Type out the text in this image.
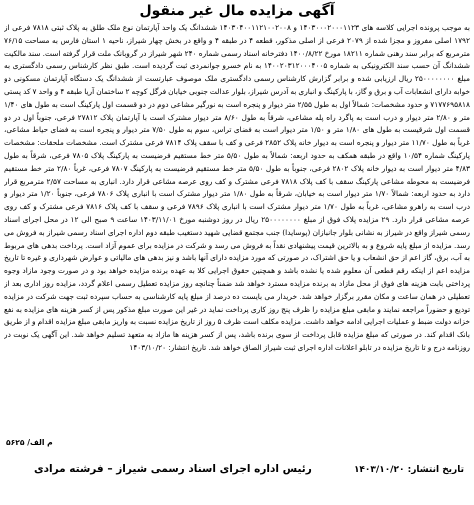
آگهی مزایده مال غیر منقول

به موجب پرونده اجرایی کلاسه های ۱۴۰۳۰۰۰۲۰۰۰۱۱۲۳ و ۱۴۰۳۰۴۰۰۱۱۲۱۰۰۲۰۰۸ ششدانگ یک واحد آپارتمان نوع ملک طلق به پلاک ثبتی ۷۸۱۸ فرعی از ۱۷۹۲ اصلی مفروز و مجزا شده از ۲۰۷۹ فرعی از اصلی مذکور، قطعه ۴ در طبقه ۴ و واقع در بخش چهار شیراز، ناحیه ۱ استان فارس به مساحت ۷۶/۱۵ مترمربع که برابر سند رهنی شماره ۱۸۲۱۱ مورخ ۱۴۰۰/۸/۲۲ دفترخانه اسناد رسمی شماره ۲۴۰ شهر شیراز در گروبانک ملت قرار گرفته است. سند مالکیت ششدانگ آن حسب سند الکترونیکی به شماره ۱۴۰۰۲۰۳۱۲۰۰۰۴۰۰۵ به نام خسرو جوانمردی ثبت گردیده است. طبق نظر کارشناس رسمی دادگستری به مبلغ ۲۵۰۰۰۰۰۰۰۰ ریال ارزیابی شده و برابر گزارش کارشناس رسمی دادگستری ملک موصوف عبارتست از ششدانگ یک دستگاه آپارتمان مسکونی دو خوابه دارای انشعابات آب و برق و گاز، با پارکینگ و انباری به آدرس شیراز، بلوار عدالت جنوبی خیابان فرگل کوچه ۲ ساختمان آریا طبقه ۴ و واحد ۷ کد پستی ۷۱۷۷۶۹۵۸۱۸ و حدود مشخصات: شمالاً اول به طول ۲/۵۵ متر دیوار و پنجره است به نورگیر مشاعی دوم در دو قسمت اول پارکینگ است به طول های ۱/۴۰ متر و ۲/۸۰ متر دیوار و درب است به پاگرد راه پله مشاعی، شرقاً به طول ۸/۶۰ متر دیوار مشترک است با آپارتمان پلاک ۲۷۸۱۲ فرعی، جنوباً اول در دو قسمت اول شرقیست به طول های ۱/۸۰ متر و ۱/۵۰ متر دیوار است به فضای تراس، سوم به طول ۷/۵۰ متر دیوار و پنجره است به فضای حیاط مشاعی، غرباً به طول ۱۱/۷۰ متر دیوار و پنجره است به دیوار خانه پلاک ۲۸۵۲ فرعی و کف با سقف پلاک ۷۸۱۴ فرعی مشترک است. مشخصات ملحقات: مشخصات پارکینگ شماره ۱۰/۵۴ واقع در طبقه همکف به حدود اربعه: شمالاً به طول ۵/۵۰ متر خط مستقیم فرضیست به پارکینگ پلاک ۷۸۰۵ فرعی، شرقاً به طول ۴/۸۳ متر دیوار است به دیوار خانه پلاک ۲۸۰۲ فرعی، جنوباً به طول ۵/۵۰ متر خط مستقیم فرضیست به پارکینگ ۷۸۰۷ فرعی، غرباً ۲/۸۰ متر خط مستقیم فرضیست به محوطه مشاعی پارکینگ سقف با کف پلاک ۷۸۱۸ فرعی مشترک و کف روی عرصه مشاعی قرار دارد. انباری به مساحت ۲/۵۷ مترمربع قرار دارد به حدود اربعه: شمالاً ۱/۷۰ متر دیوار است به خیابان، شرقاً به طول ۱/۸۰ متر دیوار مشترک است با انباری پلاک ۷۸۰۶ فرعی، جنوباً ۱/۲۰ متر دیوار و درب است به راهرو مشاعی، غرباً به طول ۱/۷۰ متر دیوار مشترک است با انباری پلاک ۷۸۹۶ فرعی و سقف با کف پلاک ۷۸۱۶ فرعی مشترک و کف روی عرصه مشاعی قرار دارد. ۲۹ مزایده پلاک فوق از مبلغ ۲۵۰۰۰۰۰۰۰۰ ریال در روز دوشنبه مورخ ۱۴۰۳/۱۱/۰۱ ساعت ۹ صبح الی ۱۲ در محل اجرای اسناد رسمی شیراز واقع در شیراز به نشانی بلوار جانبازان (پوسایدا) جنب مجتمع قضایی شهید دستغیب طبقه دوم اداره اجرای اسناد رسمی شیراز به فروش می رسد. مزایده از مبلغ پایه شروع و به بالاترین قیمت پیشنهادی نقداً به فروش می رسد و شرکت در مزایده برای عموم آزاد است. پرداخت بدهی های مربوط به آب، برق، گاز اعم از حق انشعاب و یا حق اشتراک، در صورتی که مورد مزایده دارای آنها باشد و نیز بدهی های مالیاتی و عوارض شهرداری و غیره تا تاریخ مزایده اعم از اینکه رقم قطعی آن معلوم شده یا نشده باشد و همچنین حقوق اجرایی کلا به عهده برنده مزایده خواهد بود و در صورت وجود مازاد وجوه پرداختی بابت هزینه های فوق از محل مازاد به برنده مزایده مسترد خواهد شد ضمناً چنانچه روز مزایده تعطیل رسمی اعلام گردد، مزایده روز اداری بعد از تعطیلی در همان ساعت و مکان مقرر برگزار خواهد شد. خریدار می بایست ده درصد از مبلغ پایه کارشناسی به حساب سپرده ثبت جهت شرکت در مزایده تودیع و حضوراً مراجعه نمایند و مابقی مبلغ مزایده را ظرف پنج روز کاری پرداخت نماید در غیر این صورت مبلغ مذکور پس از کسر هزینه های مزایده به نفع خزانه دولت ضبط و عملیات اجرایی ادامه خواهد داشت. مزایده مکلف است ظرف ۵ روز از تاریخ مزایده نسبت به واریز مابقی مبلغ مزایده اقدام و از طریق بانک اقدام کند. در صورتی که مبلغ مزایده قابل پرداخت از سوی برنده باشد، پس از کسر هزینه ها مازاد به متعهد تسلیم خواهد شد. این آگهی یک نوبت در روزنامه درج و تا تاریخ مزایده در تابلو اعلانات اداره اجرای ثبت شیراز الصاق خواهد شد. تاریخ انتشار: ۱۴۰۳/۱۰/۲۰

م الف/ ۵۶۲۵
تاریخ انتشار: ۱۴۰۳/۱۰/۲۰
رئیس اداره اجرای اسناد رسمی شیراز – فرشته مرادی
